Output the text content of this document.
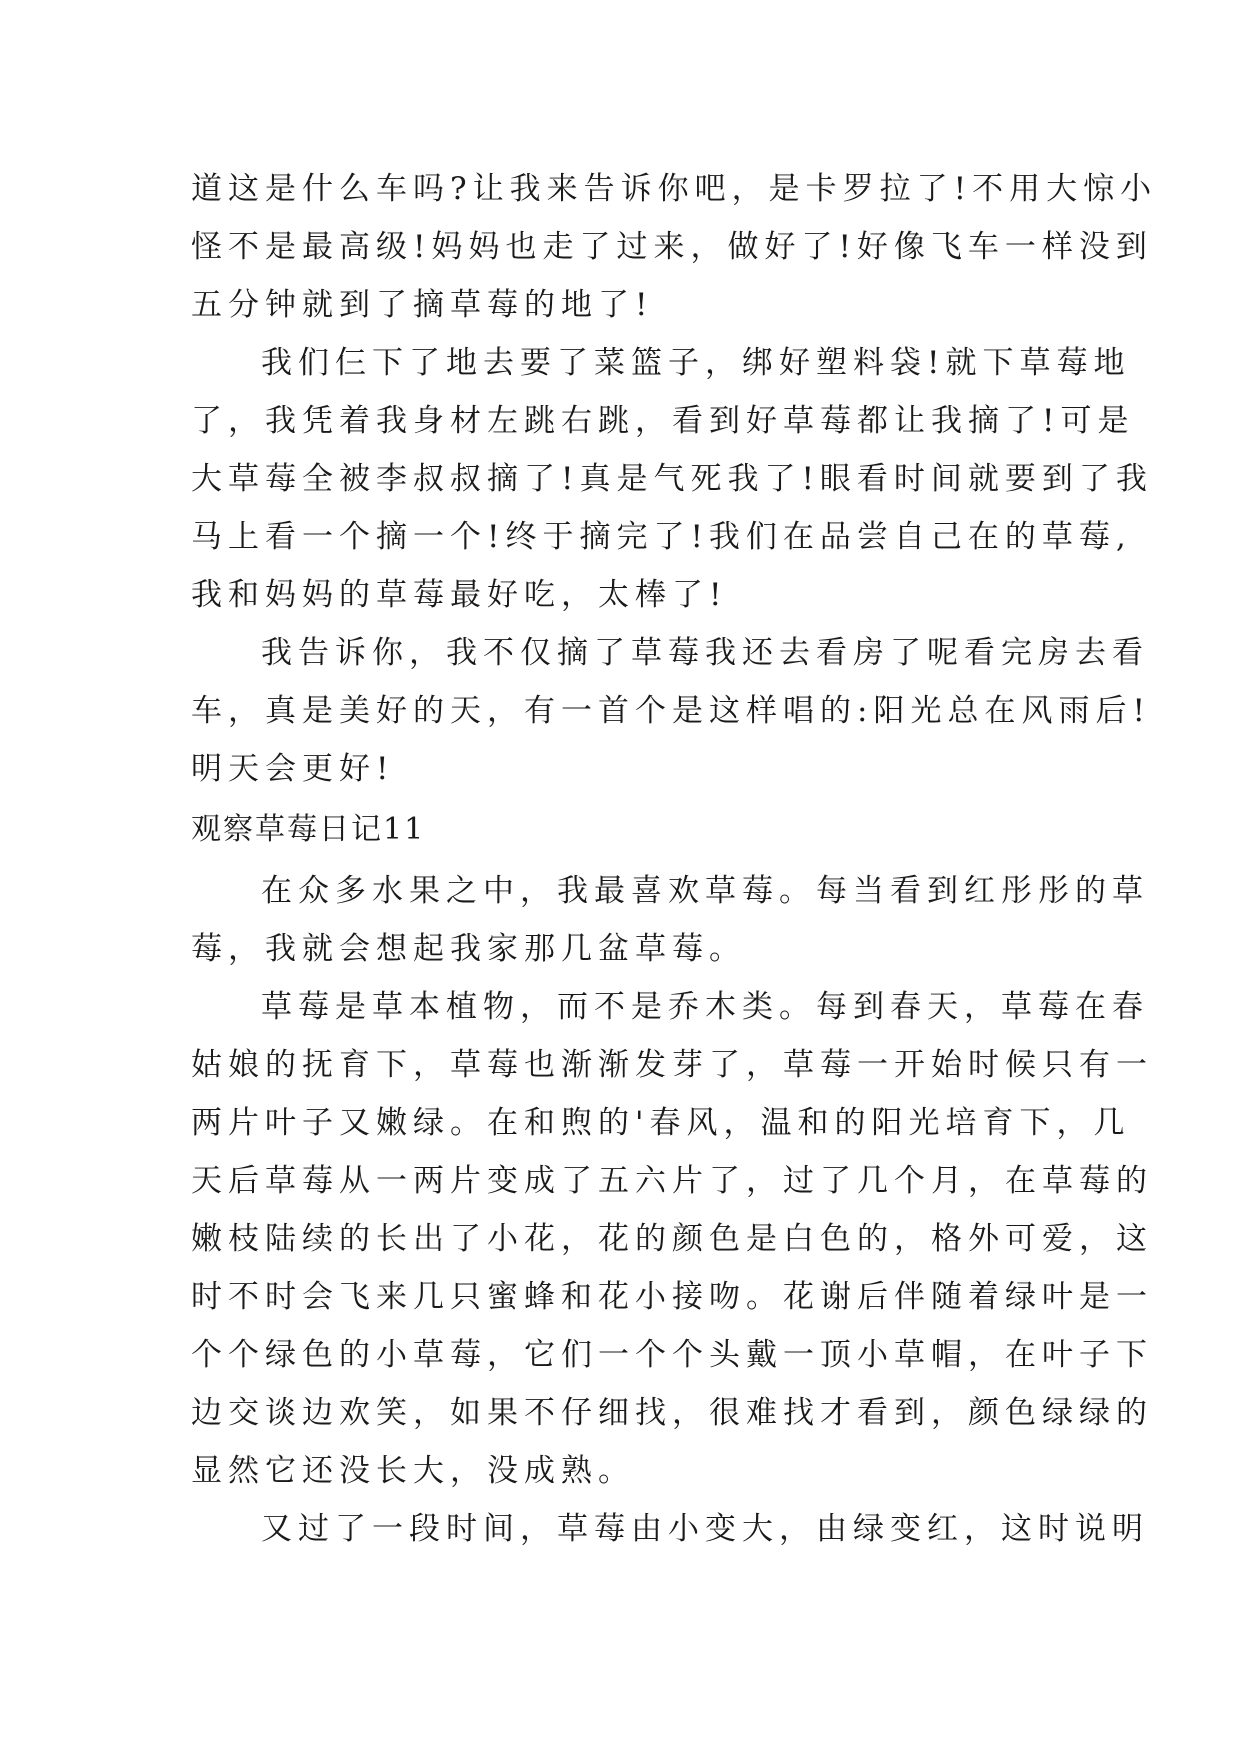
道这是什么车吗?让我来告诉你吧，是卡罗拉了!不用大惊小
怪不是最高级!妈妈也走了过来，做好了!好像飞车一样没到
五分钟就到了摘草莓的地了!
我们仨下了地去要了菜篮子，绑好塑料袋!就下草莓地
了，我凭着我身材左跳右跳，看到好草莓都让我摘了!可是
大草莓全被李叔叔摘了!真是气死我了!眼看时间就要到了我
马上看一个摘一个!终于摘完了!我们在品尝自己在的草莓,
我和妈妈的草莓最好吃，太棒了!
我告诉你，我不仅摘了草莓我还去看房了呢看完房去看
车，真是美好的天，有一首个是这样唱的:阳光总在风雨后!
明天会更好!
观察草莓日记11
在众多水果之中，我最喜欢草莓。每当看到红彤彤的草
莓，我就会想起我家那几盆草莓。
草莓是草本植物，而不是乔木类。每到春天，草莓在春
姑娘的抚育下，草莓也渐渐发芽了，草莓一开始时候只有一
两片叶子又嫩绿。在和煦的'春风，温和的阳光培育下，几
天后草莓从一两片变成了五六片了，过了几个月，在草莓的
嫩枝陆续的长出了小花，花的颜色是白色的，格外可爱，这
时不时会飞来几只蜜蜂和花小接吻。花谢后伴随着绿叶是一
个个绿色的小草莓，它们一个个头戴一顶小草帽，在叶子下
边交谈边欢笑，如果不仔细找，很难找才看到，颜色绿绿的
显然它还没长大，没成熟。
又过了一段时间，草莓由小变大，由绿变红，这时说明
